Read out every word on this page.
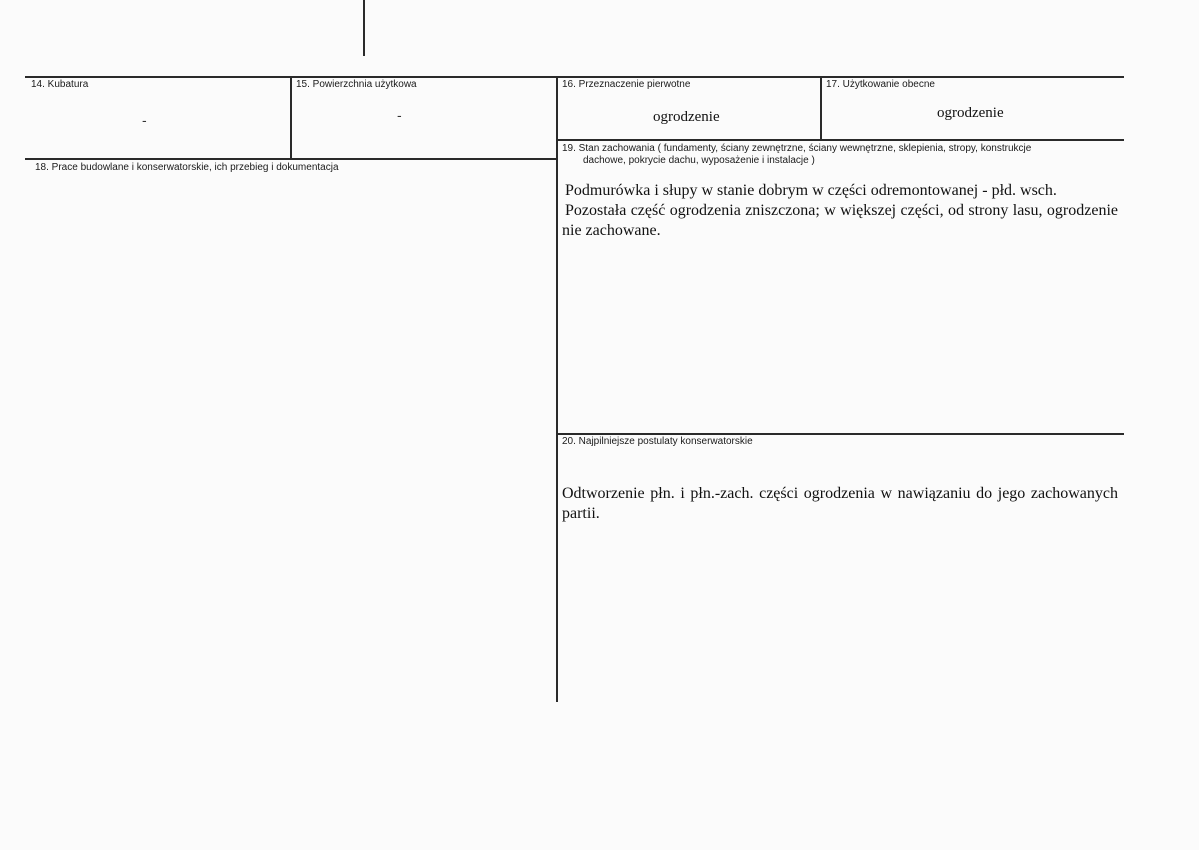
14. Kubatura
-
15. Powierzchnia użytkowa
-
16. Przeznaczenie pierwotne
ogrodzenie
17. Użytkowanie obecne
ogrodzenie
18. Prace budowlane i konserwatorskie, ich przebieg i dokumentacja
19. Stan zachowania ( fundamenty, ściany zewnętrzne, ściany wewnętrzne, sklepienia, stropy, konstrukcje
dachowe, pokrycie dachu, wyposażenie i instalacje )
Podmurówka i słupy w stanie dobrym w części odremontowanej - płd. wsch.
Pozostała część ogrodzenia zniszczona; w większej części, od strony lasu, ogrodzenie nie zachowane.
20. Najpilniejsze postulaty konserwatorskie
Odtworzenie płn. i płn.-zach. części ogrodzenia w nawiązaniu do jego zachowanych partii.
